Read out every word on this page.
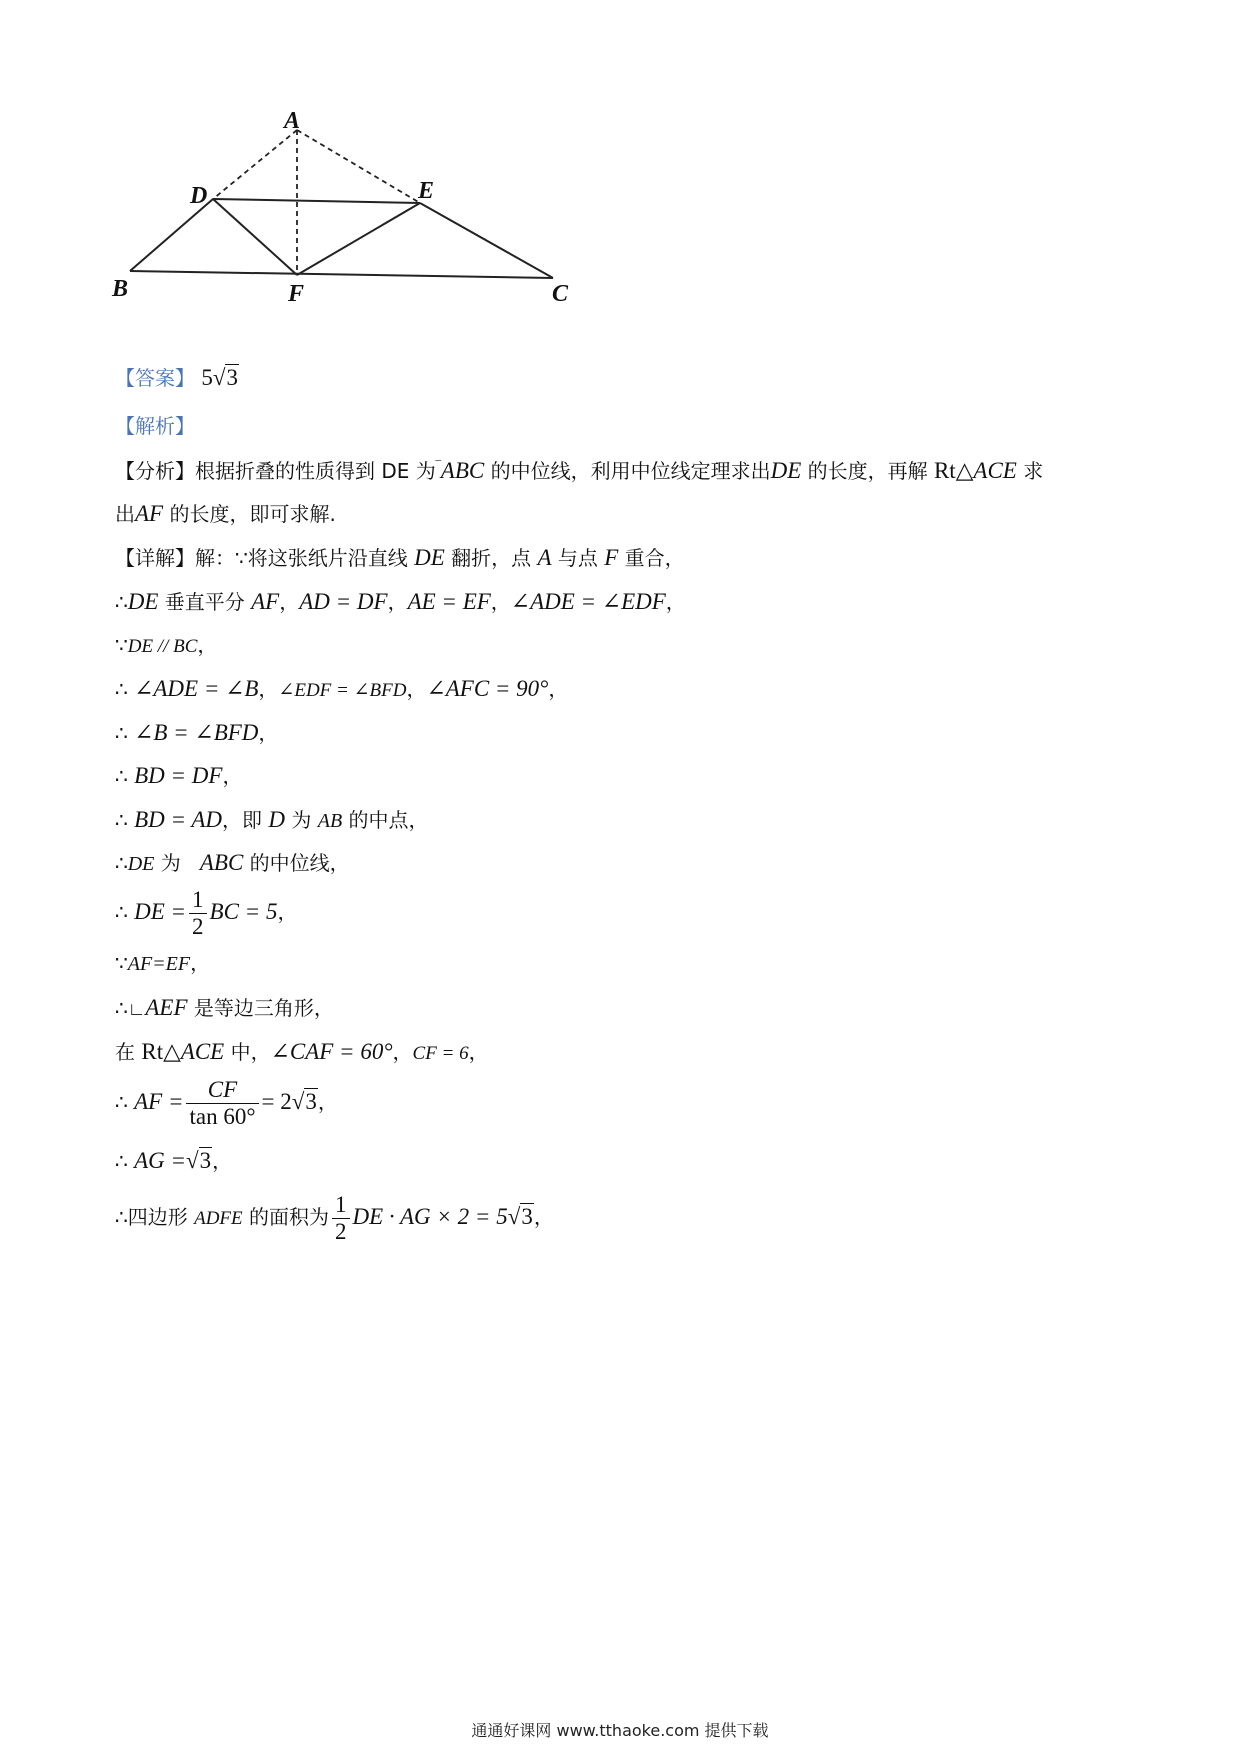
A
D	E
B	F	C
【答案】 5√3
【解析】
【分析】根据折叠的性质得到 DE 为‾ABC 的中位线，利用中位线定理求出DE 的长度，再解 Rt△ACE 求
出AF 的长度，即可求解.
【详解】解：∵将这张纸片沿直线 DE 翻折，点 A 与点 F 重合，
∴DE 垂直平分 AF，AD = DF，AE = EF，∠ADE = ∠EDF，
∵DE // BC，
∴ ∠ADE = ∠B，∠EDF = ∠BFD，∠AFC = 90°，
∴ ∠B = ∠BFD，
∴ BD = DF，
∴ BD = AD，即 D 为 AB 的中点，
∴DE 为   ABC 的中位线，
∴ DE = $\frac{1}{2}$ BC = 5，
∵AF=EF，
∴∟AEF 是等边三角形，
在 Rt△ACE 中，∠CAF = 60°，CF = 6，
∴ AF = $\frac{CF}{\tan 60^\circ} = 2√3$，
∴ AG =√3，
∴四边形 ADFE 的面积为 $\frac{1}{2}$ DE · AG × 2 = 5√3，
通通好课网 www.tthaoke.com 提供下载
